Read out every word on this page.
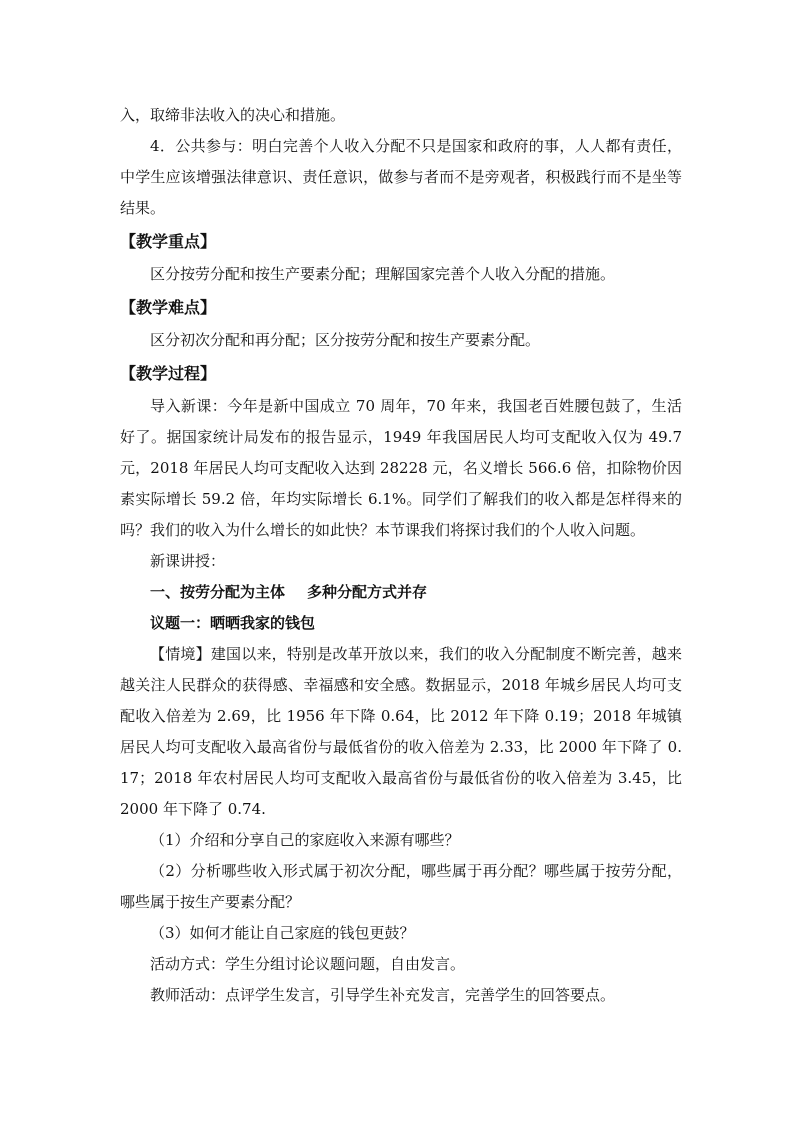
入，取缔非法收入的决心和措施。

4．公共参与：明白完善个人收入分配不只是国家和政府的事，人人都有责任，中学生应该增强法律意识、责任意识，做参与者而不是旁观者，积极践行而不是坐等结果。

【教学重点】

区分按劳分配和按生产要素分配；理解国家完善个人收入分配的措施。

【教学难点】

区分初次分配和再分配；区分按劳分配和按生产要素分配。

【教学过程】

导入新课：今年是新中国成立 70 周年，70 年来，我国老百姓腰包鼓了，生活好了。据国家统计局发布的报告显示，1949 年我国居民人均可支配收入仅为 49.7 元，2018 年居民人均可支配收入达到 28228 元，名义增长 566.6 倍，扣除物价因素实际增长 59.2 倍，年均实际增长 6.1%。同学们了解我们的收入都是怎样得来的吗？我们的收入为什么增长的如此快？本节课我们将探讨我们的个人收入问题。

新课讲授：

一、按劳分配为主体 多种分配方式并存

议题一：晒晒我家的钱包

【情境】建国以来，特别是改革开放以来，我们的收入分配制度不断完善，越来越关注人民群众的获得感、幸福感和安全感。数据显示，2018 年城乡居民人均可支配收入倍差为 2.69，比 1956 年下降 0.64，比 2012 年下降 0.19；2018 年城镇居民人均可支配收入最高省份与最低省份的收入倍差为 2.33，比 2000 年下降了 0.17；2018 年农村居民人均可支配收入最高省份与最低省份的收入倍差为 3.45，比 2000 年下降了 0.74.

（1）介绍和分享自己的家庭收入来源有哪些？

（2）分析哪些收入形式属于初次分配，哪些属于再分配？哪些属于按劳分配，哪些属于按生产要素分配？

（3）如何才能让自己家庭的钱包更鼓？

活动方式：学生分组讨论议题问题，自由发言。

教师活动：点评学生发言，引导学生补充发言，完善学生的回答要点。
